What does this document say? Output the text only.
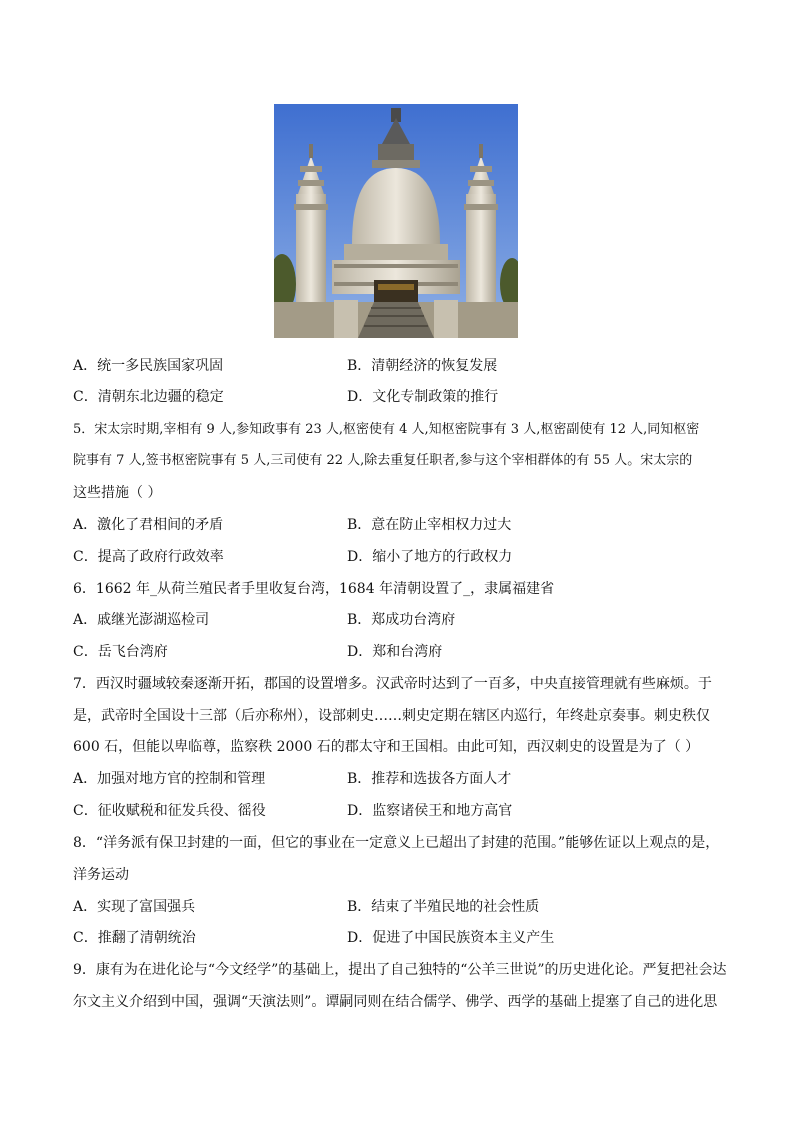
A．统一多民族国家巩固	B．清朝经济的恢复发展
C．清朝东北边疆的稳定	D．文化专制政策的推行
5．宋太宗时期,宰相有 9 人,参知政事有 23 人,枢密使有 4 人,知枢密院事有 3 人,枢密副使有 12 人,同知枢密
院事有 7 人,签书枢密院事有 5 人,三司使有 22 人,除去重复任职者,参与这个宰相群体的有 55 人。宋太宗的
这些措施（ ）
A．激化了君相间的矛盾	B．意在防止宰相权力过大
C．提高了政府行政效率	D．缩小了地方的行政权力
6．1662 年_从荷兰殖民者手里收复台湾，1684 年清朝设置了_，隶属福建省
A．戚继光澎湖巡检司	B．郑成功台湾府
C．岳飞台湾府	D．郑和台湾府
7．西汉时疆域较秦逐渐开拓，郡国的设置增多。汉武帝时达到了一百多，中央直接管理就有些麻烦。于
是，武帝时全国设十三部（后亦称州），设部刺史……刺史定期在辖区内巡行，年终赴京奏事。刺史秩仅
600 石，但能以卑临尊，监察秩 2000 石的郡太守和王国相。由此可知，西汉刺史的设置是为了（ ）
A．加强对地方官的控制和管理	B．推荐和选拔各方面人才
C．征收赋税和征发兵役、徭役	D．监察诸侯王和地方高官
8．“洋务派有保卫封建的一面，但它的事业在一定意义上已超出了封建的范围。”能够佐证以上观点的是，
洋务运动
A．实现了富国强兵	B．结束了半殖民地的社会性质
C．推翻了清朝统治	D．促进了中国民族资本主义产生
9．康有为在进化论与“今文经学”的基础上，提出了自己独特的“公羊三世说”的历史进化论。严复把社会达
尔文主义介绍到中国，强调“天演法则”。谭嗣同则在结合儒学、佛学、西学的基础上提塞了自己的进化思
